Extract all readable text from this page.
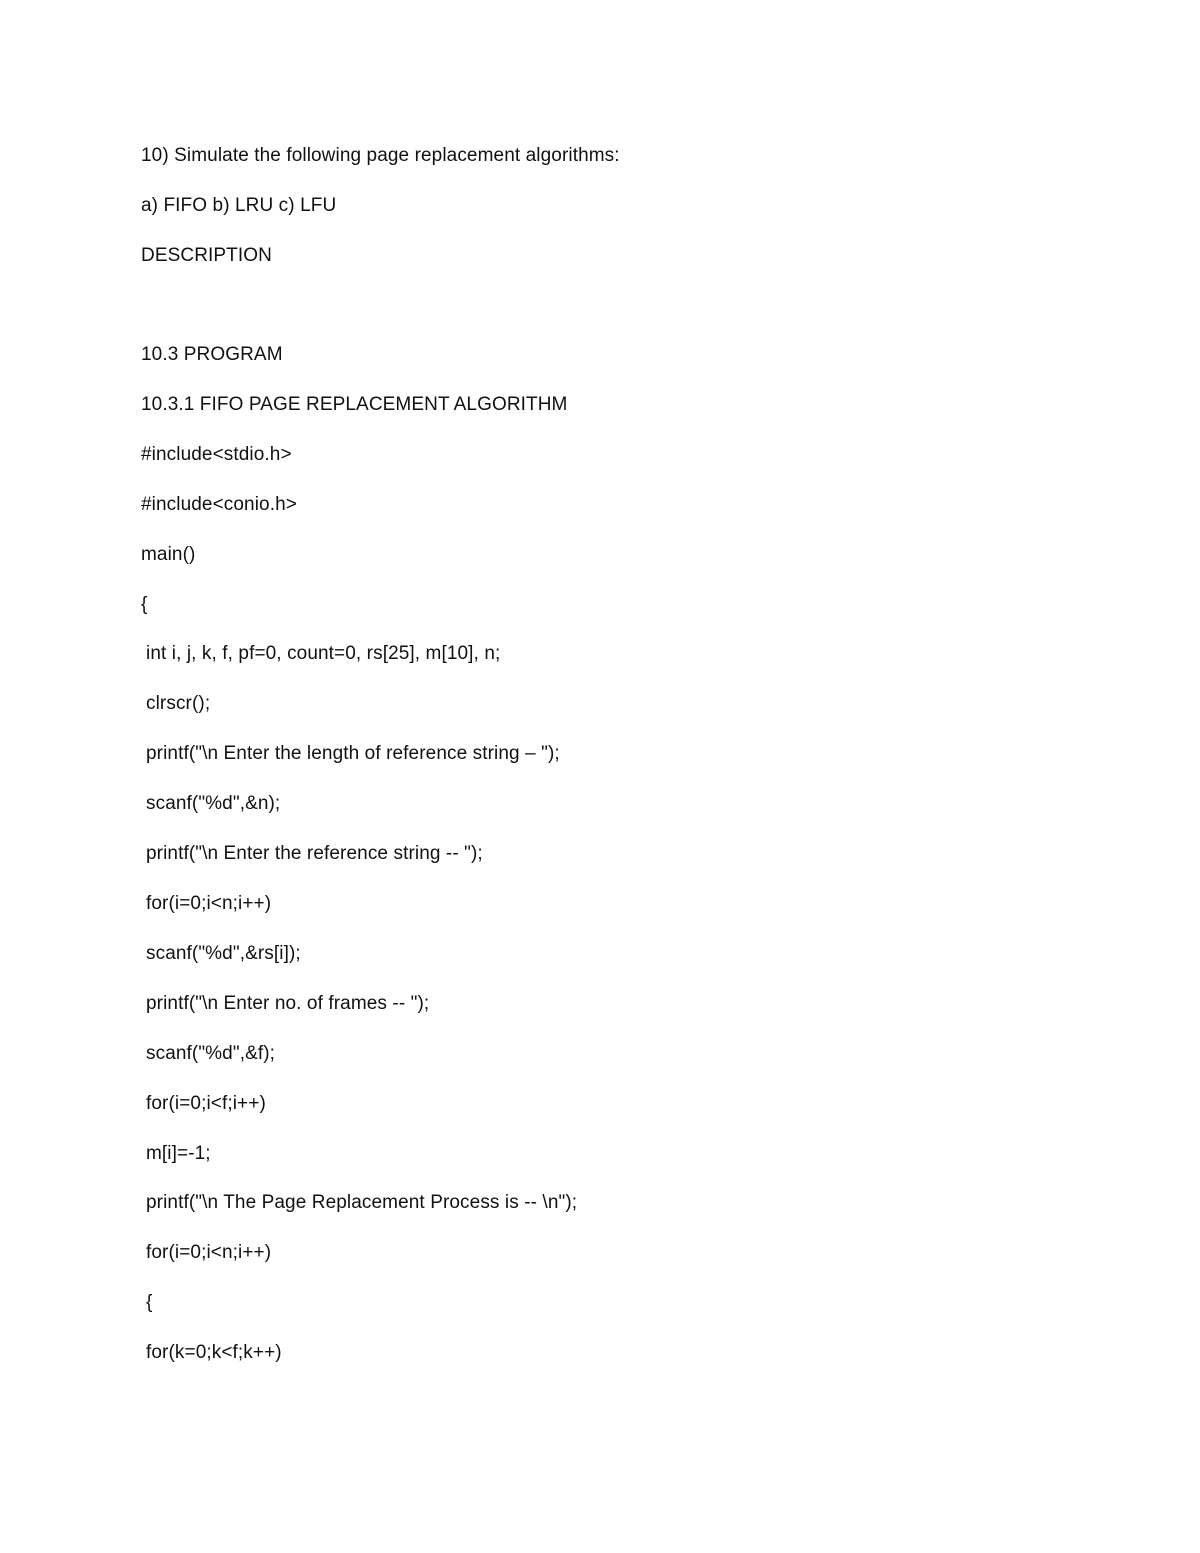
10) Simulate the following page replacement algorithms:
a) FIFO b) LRU c) LFU
DESCRIPTION
10.3 PROGRAM
10.3.1 FIFO PAGE REPLACEMENT ALGORITHM
#include<stdio.h>
#include<conio.h>
main()
{
int i, j, k, f, pf=0, count=0, rs[25], m[10], n;
clrscr();
printf("\n Enter the length of reference string – ");
scanf("%d",&n);
printf("\n Enter the reference string -- ");
for(i=0;i<n;i++)
scanf("%d",&rs[i]);
printf("\n Enter no. of frames -- ");
scanf("%d",&f);
for(i=0;i<f;i++)
m[i]=-1;
printf("\n The Page Replacement Process is -- \n");
for(i=0;i<n;i++)
{
for(k=0;k<f;k++)
